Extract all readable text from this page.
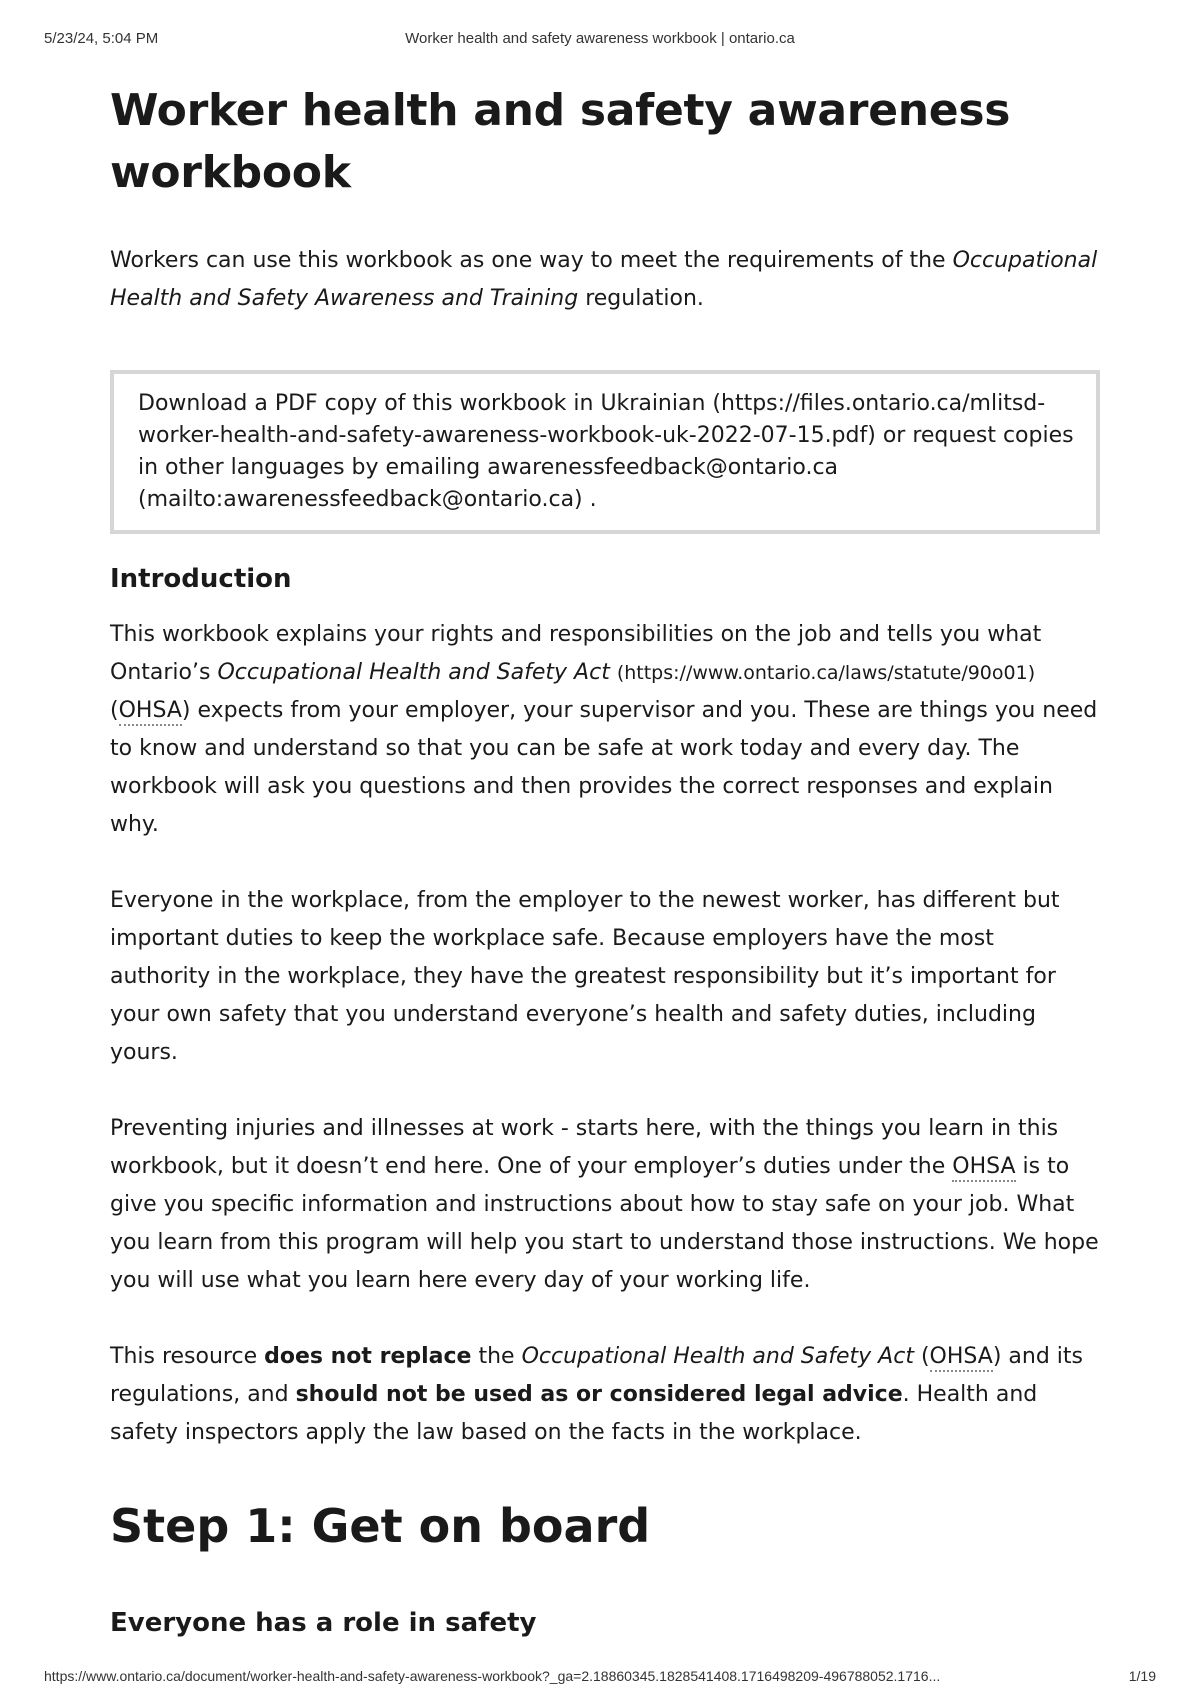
5/23/24, 5:04 PM	Worker health and safety awareness workbook | ontario.ca
Worker health and safety awareness workbook

Workers can use this workbook as one way to meet the requirements of the Occupational Health and Safety Awareness and Training regulation.

Download a PDF copy of this workbook in Ukrainian (https://files.ontario.ca/mlitsd-worker-health-and-safety-awareness-workbook-uk-2022-07-15.pdf) or request copies in other languages by emailing awarenessfeedback@ontario.ca (mailto:awarenessfeedback@ontario.ca) .

Introduction

This workbook explains your rights and responsibilities on the job and tells you what Ontario’s Occupational Health and Safety Act (https://www.ontario.ca/laws/statute/90o01) (OHSA) expects from your employer, your supervisor and you. These are things you need to know and understand so that you can be safe at work today and every day. The workbook will ask you questions and then provides the correct responses and explain why.

Everyone in the workplace, from the employer to the newest worker, has different but important duties to keep the workplace safe. Because employers have the most authority in the workplace, they have the greatest responsibility but it’s important for your own safety that you understand everyone’s health and safety duties, including yours.

Preventing injuries and illnesses at work - starts here, with the things you learn in this workbook, but it doesn’t end here. One of your employer’s duties under the OHSA is to give you specific information and instructions about how to stay safe on your job. What you learn from this program will help you start to understand those instructions. We hope you will use what you learn here every day of your working life.

This resource does not replace the Occupational Health and Safety Act (OHSA) and its regulations, and should not be used as or considered legal advice. Health and safety inspectors apply the law based on the facts in the workplace.

Step 1: Get on board
Everyone has a role in safety
https://www.ontario.ca/document/worker-health-and-safety-awareness-workbook?_ga=2.18860345.1828541408.1716498209-496788052.1716...	1/19
